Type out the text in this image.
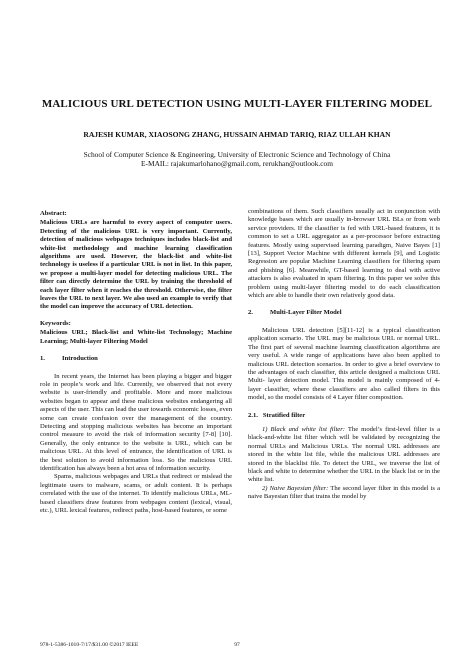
MALICIOUS URL DETECTION USING MULTI-LAYER FILTERING MODEL
RAJESH KUMAR, XIAOSONG ZHANG, HUSSAIN AHMAD TARIQ, RIAZ ULLAH KHAN
School of Computer Science & Engineering, University of Electronic Science and Technology of China
E-MAIL: rajakumarlohano@gmail.com, rerukhan@outlook.com
Abstract:

Malicious URLs are harmful to every aspect of computer users. Detecting of the malicious URL is very important. Currently, detection of malicious webpages techniques includes black-list and white-list methodology and machine learning classification algorithms are used. However, the black-list and white-list technology is useless if a particular URL is not in list. In this paper, we propose a multi-layer model for detecting malicious URL. The filter can directly determine the URL by training the threshold of each layer filter when it reaches the threshold. Otherwise, the filter leaves the URL to next layer. We also used an example to verify that the model can improve the accuracy of URL detection.

Keywords:

Malicious URL; Black-list and White-list Technology; Machine Learning; Multi-layer Filtering Model

1.	Introduction

In recent years, the Internet has been playing a bigger and bigger role in people’s work and life. Currently, we observed that not every website is user-friendly and profitable. More and more malicious websites began to appear and these malicious websites endangering all aspects of the user. This can lead the user towards economic losses, even some can create confusion over the management of the country. Detecting and stopping malicious websites has become an important control measure to avoid the risk of information security [7-8] [10]. Generally, the only entrance to the website is URL, which can be malicious URL. At this level of entrance, the identification of URL is the best solution to avoid information loss. So the malicious URL identification has always been a hot area of information security.

Spams, malicious webpages and URLs that redirect or mislead the legitimate users to malware, scams, or adult content. It is perhaps correlated with the use of the internet. To identify malicious URLs, ML-based classifiers draw features from webpages content (lexical, visual, etc.), URL lexical features, redirect paths, host-based features, or some

combinations of them. Such classifiers usually act in conjunction with knowledge bases which are usually in-browser URL BLs or from web service providers. If the classifier is fed with URL-based features, it is common to set a URL aggregator as a per-processor before extracting features. Mostly using supervised learning paradigm, Naive Bayes [1][13], Support Vector Machine with different kernels [9], and Logistic Regression are popular Machine Learning classifiers for filtering spam and phishing [6]. Meanwhile, GT-based learning to deal with active attackers is also evaluated in spam filtering. In this paper we solve this problem using multi-layer filtering model to do each classification which are able to handle their own relatively good data.

2.	Multi-Layer Filter Model

Malicious URL detection [5][11-12] is a typical classification application scenario. The URL may be malicious URL or normal URL. The first part of several machine learning classification algorithms are very useful. A wide range of applications have also been applied to malicious URL detection scenarios. In order to give a brief overview to the advantages of each classifier, this article designed a malicious URL Multi- layer detection model. This model is mainly composed of 4- layer classifier, where these classifiers are also called filters in this model, so the model consists of 4 Layer filter composition.

2.1. Stratified filter

1) Black and white list filter: The model’s first-level filter is a black-and-white list filter which will be validated by recognizing the normal URLs and Malicious URLs. The normal URL addresses are stored in the white list file, while the malicious URL addresses are stored in the blacklist file. To detect the URL, we traverse the list of black and white to determine whether the URL in the black list or in the white list.

2) Naive Bayesian filter: The second layer filter in this model is a naive Bayesian filter that trains the model by

978-1-5386-1010-7/17/$31.00 ©2017 IEEE	97
